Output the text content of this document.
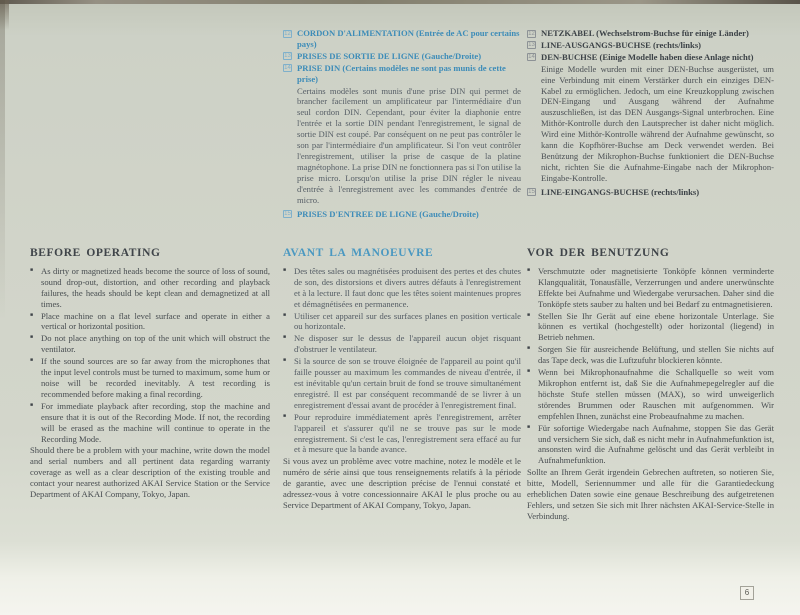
12 CORDON D'ALIMENTATION (Entrée de AC pour certains pays)
13 PRISES DE SORTIE DE LIGNE (Gauche/Droite)
14 PRISE DIN (Certains modèles ne sont pas munis de cette prise)

Certains modèles sont munis d'une prise DIN qui permet de brancher facilement un amplificateur par l'intermédiaire d'un seul cordon DIN. Cependant, pour éviter la diaphonie entre l'entrée et la sortie DIN pendant l'enregistrement, le signal de sortie DIN est coupé. Par conséquent on ne peut pas contrôler le son par l'intermédiaire d'un amplificateur. Si l'on veut contrôler l'enregistrement, utiliser la prise de casque de la platine magnétophone. La prise DIN ne fonctionnera pas si l'on utilise la prise micro. Lorsqu'on utilise la prise DIN régler le niveau d'entrée à l'enregistrement avec les commandes d'entrée de micro.

15 PRISES D'ENTREE DE LIGNE (Gauche/Droite)
12 NETZKABEL (Wechselstrom-Buchse für einige Länder)
13 LINE-AUSGANGS-BUCHSE (rechts/links)
14 DEN-BUCHSE (Einige Modelle haben diese Anlage nicht)

Einige Modelle wurden mit einer DEN-Buchse ausgerüstet, um eine Verbindung mit einem Verstärker durch ein einziges DEN-Kabel zu ermöglichen. Jedoch, um eine Kreuzkopplung zwischen DEN-Eingang und Ausgang während der Aufnahme auszuschließen, ist das DEN Ausgangs-Signal unterbrochen. Eine Mithör-Kontrolle durch den Lautsprecher ist daher nicht möglich. Wird eine Mithör-Kontrolle während der Aufnahme gewünscht, so kann die Kopfhörer-Buchse am Deck verwendet werden. Bei Benützung der Mikrophon-Buchse funktioniert die DEN-Buchse nicht, richten Sie die Aufnahme-Eingabe nach der Mikrophon-Eingabe-Kontrolle.

15 LINE-EINGANGS-BUCHSE (rechts/links)
BEFORE OPERATING
■
As dirty or magnetized heads become the source of loss of sound, sound drop-out, distortion, and other recording and playback failures, the heads should be kept clean and demagnetized at all times.
■
Place machine on a flat level surface and operate in either a vertical or horizontal position.
■
Do not place anything on top of the unit which will obstruct the ventilator.
■
If the sound sources are so far away from the microphones that the input level controls must be turned to maximum, some hum or noise will be recorded inevitably. A test recording is recommended before making a final recording.
■
For immediate playback after recording, stop the machine and ensure that it is out of the Recording Mode. If not, the recording will be erased as the machine will continue to operate in the Recording Mode.

Should there be a problem with your machine, write down the model and serial numbers and all pertinent data regarding warranty coverage as well as a clear description of the existing trouble and contact your nearest authorized AKAI Service Station or the Service Department of AKAI Company, Tokyo, Japan.

AVANT LA MANOEUVRE
■
Des têtes sales ou magnétisées produisent des pertes et des chutes de son, des distorsions et divers autres défauts à l'enregistrement et à la lecture. Il faut donc que les têtes soient maintenues propres et démagnétisées en permanence.
■
Utiliser cet appareil sur des surfaces planes en position verticale ou horizontale.
■
Ne disposer sur le dessus de l'appareil aucun objet risquant d'obstruer le ventilateur.
■
Si la source de son se trouve éloignée de l'appareil au point qu'il faille pousser au maximum les commandes de niveau d'entrée, il est inévitable qu'un certain bruit de fond se trouve simultanément enregistré. Il est par conséquent recommandé de se livrer à un enregistrement d'essai avant de procéder à l'enregistrement final.
■
Pour reproduire immédiatement après l'enregistrement, arrêter l'appareil et s'assurer qu'il ne se trouve pas sur le mode enregistrement. Si c'est le cas, l'enregistrement sera effacé au fur et à mesure que la bande avance.

Si vous avez un problème avec votre machine, notez le modèle et le numéro de série ainsi que tous renseignements relatifs à la période de garantie, avec une description précise de l'ennui constaté et adressez-vous à votre concessionnaire AKAI le plus proche ou au Service Department of AKAI Company, Tokyo, Japan.

VOR DER BENUTZUNG
■
Verschmutzte oder magnetisierte Tonköpfe können verminderte Klangqualität, Tonausfälle, Verzerrungen und andere unerwünschte Effekte bei Aufnahme und Wiedergabe verursachen. Daher sind die Tonköpfe stets sauber zu halten und bei Bedarf zu entmagnetisieren.
■
Stellen Sie Ihr Gerät auf eine ebene horizontale Unterlage. Sie können es vertikal (hochgestellt) oder horizontal (liegend) in Betrieb nehmen.
■
Sorgen Sie für ausreichende Belüftung, und stellen Sie nichts auf das Tape deck, was die Luftzufuhr blockieren könnte.
■
Wenn bei Mikrophonaufnahme die Schallquelle so weit vom Mikrophon entfernt ist, daß Sie die Aufnahmepegelregler auf die höchste Stufe stellen müssen (MAX), so wird unweigerlich störendes Brummen oder Rauschen mit aufgenommen. Wir empfehlen Ihnen, zunächst eine Probeaufnahme zu machen.
■
Für sofortige Wiedergabe nach Aufnahme, stoppen Sie das Gerät und versichern Sie sich, daß es nicht mehr in Aufnahmefunktion ist, ansonsten wird die Aufnahme gelöscht und das Gerät verbleibt in Aufnahmefunktion.

Sollte an Ihrem Gerät irgendein Gebrechen auftreten, so notieren Sie, bitte, Modell, Seriennummer und alle für die Garantiedeckung erheblichen Daten sowie eine genaue Beschreibung des aufgetretenen Fehlers, und setzen Sie sich mit Ihrer nächsten AKAI-Service-Stelle in Verbindung.

6
